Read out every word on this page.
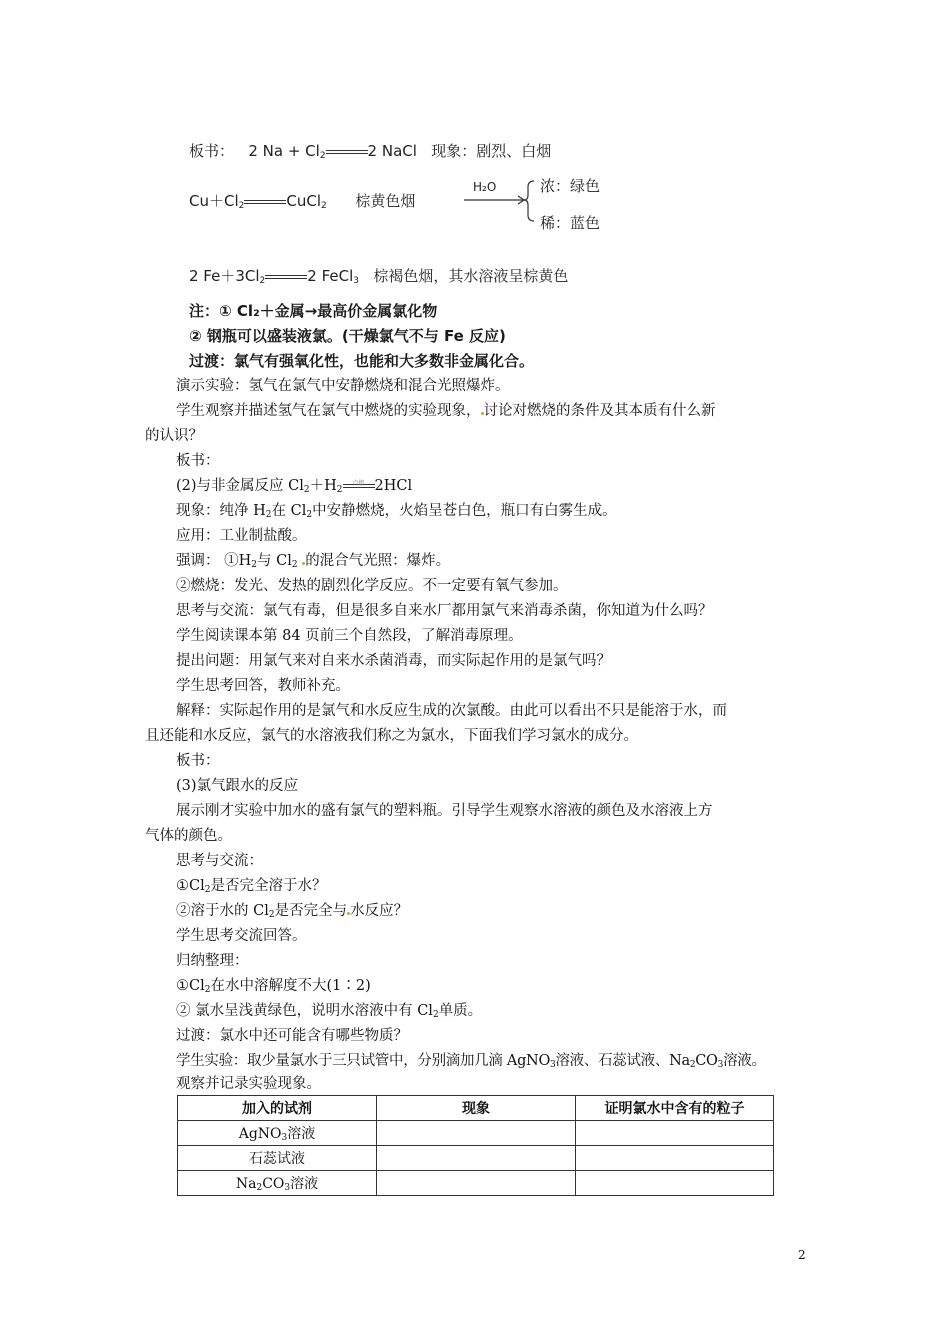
板书： 2 $Na + Cl_2$	2 NaCl 现象：剧烈、白烟
$Cu+Cl_2$	CuCl$_2$ 棕黄色烟
H₂O	浓：绿色
稀：蓝色
2 $Fe+3Cl_2$	2 FeCl$_3$ 棕褐色烟，其水溶液呈棕黄色
注：① Cl₂＋金属→最高价金属氯化物
② 钢瓶可以盛装液氯。(干燥氯气不与 Fe 反应)
过渡：氯气有强氧化性，也能和大多数非金属化合。
演示实验：氢气在氯气中安静燃烧和混合光照爆炸。
学生观察并描述氢气在氯气中燃烧的实验现象， 讨论对燃烧的条件及其本质有什么新
的认识？
板书：
(2)与非金属反应 $Cl_2+H_2$
点燃 2HCl
现象：纯净 $H_2$在 $Cl_2$中安静燃烧，火焰呈苍白色，瓶口有白雾生成。
应用：工业制盐酸。
强调： $①H_2$与 $Cl_2$ 的混合气光照：爆炸。
②燃烧：发光、发热的剧烈化学反应。不一定要有氧气参加。
思考与交流：氯气有毒，但是很多自来水厂都用氯气来消毒杀菌，你知道为什么吗？
学生阅读课本第 84 页前三个自然段，了解消毒原理。
提出问题：用氯气来对自来水杀菌消毒，而实际起作用的是氯气吗？
学生思考回答，教师补充。
解释：实际起作用的是氯气和水反应生成的次氯酸。由此可以看出不只是能溶于水，而
且还能和水反应，氯气的水溶液我们称之为氯水，下面我们学习氯水的成分。
板书：
(3)氯气跟水的反应
展示刚才实验中加水的盛有氯气的塑料瓶。引导学生观察水溶液的颜色及水溶液上方
气体的颜色。
思考与交流：
$①Cl_2$是否完全溶于水？
②溶于水的 $Cl_2$是否完全与 水反应？
学生思考交流回答。
归纳整理：
$①Cl_2$在水中溶解度不大(1∶2)
② 氯水呈浅黄绿色，说明水溶液中有 $Cl_2$单质。
过渡：氯水中还可能含有哪些物质？
学生实验：取少量氯水于三只试管中，分别滴加几滴 AgNO$_3$溶液、石蕊试液、$Na_2CO_3$溶液。
观察并记录实验现象。
加入的试剂	现象	证明氯水中含有的粒子
AgNO$_3$溶液		
石蕊试液		
$Na_2CO_3$溶液		
2
